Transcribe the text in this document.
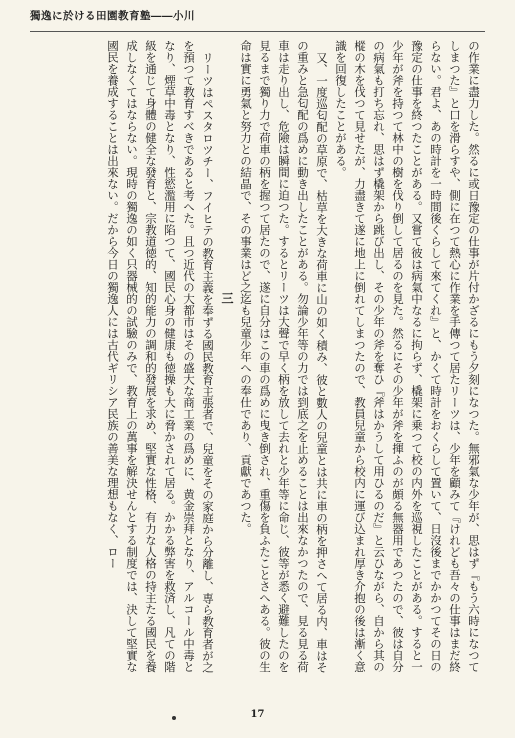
獨逸に於ける田園教育塾――小川

の作業に盡力した。然るに或日豫定の仕事が片付かざるにもう夕刻になつた。無邪氣な少年が、思はず『もう六時になつてしまつた』と口を滑らすや、側に在つて熱心に作業を手傳つて居たリーツは、少年を顧みて『けれども吾々の仕事はまだ終らない。君よ、あの時計を一時間後くらして來てくれ』と、かくて時計をおくらして置いて、日沒後までかかつてその日の豫定の仕事を終つたことがある。又嘗て彼は病氣中なるに拘らず、橇架に乗つて校の内外を巡視したことがある。すると一少年が斧を持つて林中の樹を伐り倒して居るのを見た。然るにその少年が斧を揮ふのが頗る無器用であつたので、彼は自分の病氣も打ち忘れ、思はず橇架から跳び出し、その少年の斧を奪ひ『斧はかうして用ひるのだ』と云ひながら、自から其の樅の木を伐つて見せたが、力盡きて遂に地上に倒れてしまつたので、教員兒童から校内に運び込まれ厚き介抱の後は漸く意識を回復したことがある。

又、一度巡匂配の草原で、枯草を大きな荷車に山の如く積み、彼と數人の兒童とは共に車の柄を押さへて居る内、車はその重みと急匂配の爲めに動き出したことがある。勿論少年等の力では到底之を止めることは出來なかつたので、見る見る荷車は走り出し、危險は瞬間に迫つた。するとリーツは大聲で早く柄を放して去れと少年等に命じ、彼等が悉く避難したのを見るまで獨り力で荷車の柄を握つて居たので、遂に自分はこの車の爲めに曳き倒され、重傷を負ふたことさへある。彼の生命は實に勇氣と努力との結晶で、その事業はど之迄も兒童少年への奉仕であり、貢獻であつた。

三

リーツはペスタロツチー、フイヒテの教育主義を奉ずる國民教育主張者で、兒童をその家庭から分離し、専ら教育者が之を預つて教育すべきであると考へた。且つ近代の大都市はその盛大な商工業の爲めに、黄金崇拜となり、アルコール中毒となり、煙草中毒となり、性慾濫用に陷つて、國民心身の健康も徳操も大に脅かされて居る。かかる弊害を救済し、凡ての階級を通じて身體の健全な發育と、宗教道徳的、知的能力の調和的發展を求め、堅實な性格、有力な人格の持主たる國民を養成しなくてはならない。現時の獨逸の如く只器械的の試驗のみで、教育上の萬事を解決せんとする制度では、決して堅實な國民を養成することは出來ない。だから今日の獨逸人には古代ギリシア民族の善美な理想もなく、ロー

17
